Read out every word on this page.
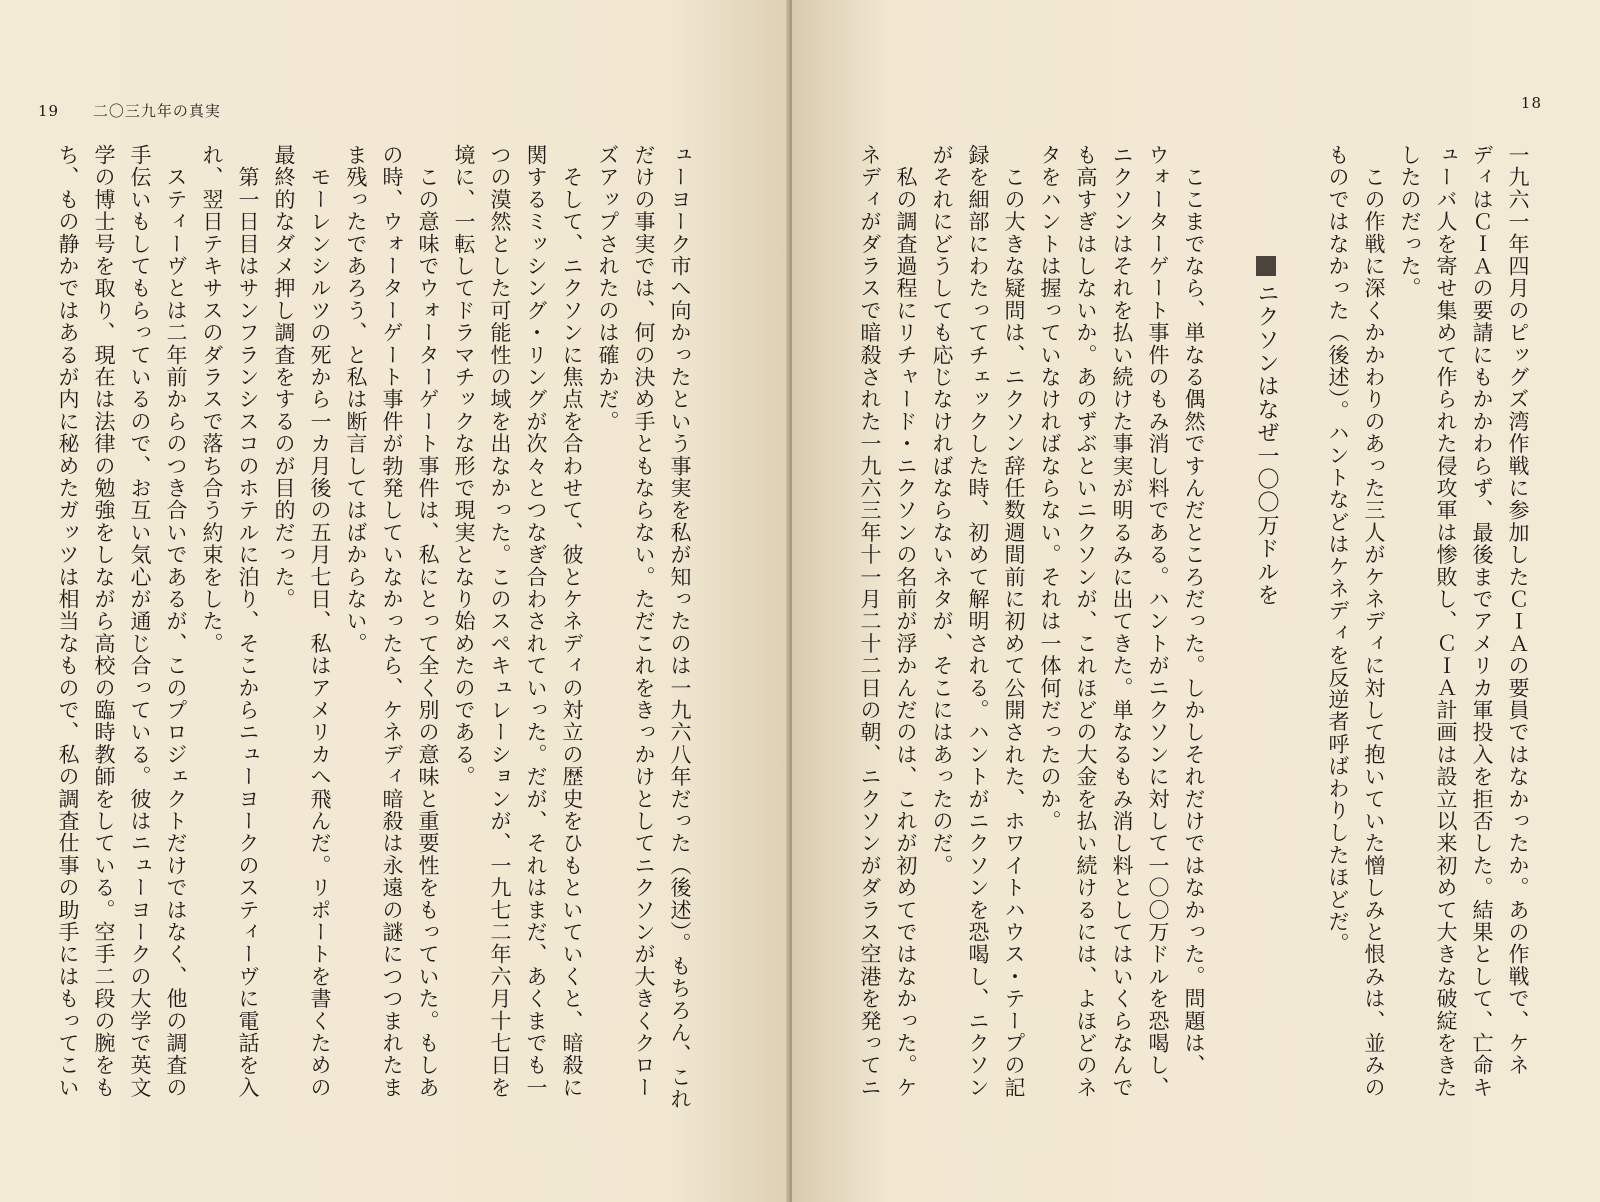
19 二〇三九年の真実
ューヨーク市へ向かったという事実を私が知ったのは一九六八年だった（後述）。もちろん、これ
だけの事実では、何の決め手ともならない。ただこれをきっかけとしてニクソンが大きくクロー
ズアップされたのは確かだ。
　そして、ニクソンに焦点を合わせて、彼とケネディの対立の歴史をひもといていくと、暗殺に
関するミッシング・リングが次々とつなぎ合わされていった。だが、それはまだ、あくまでも一
つの漠然とした可能性の域を出なかった。このスペキュレーションが、一九七二年六月十七日を
境に、一転してドラマチックな形で現実となり始めたのである。
　この意味でウォーターゲート事件は、私にとって全く別の意味と重要性をもっていた。もしあ
の時、ウォーターゲート事件が勃発していなかったら、ケネディ暗殺は永遠の謎につつまれたま
ま残ったであろう、と私は断言してはばからない。
　モーレンシルツの死から一カ月後の五月七日、私はアメリカへ飛んだ。リポートを書くための
最終的なダメ押し調査をするのが目的だった。
　第一日目はサンフランシスコのホテルに泊り、そこからニューヨークのスティーヴに電話を入
れ、翌日テキサスのダラスで落ち合う約束をした。
　スティーヴとは二年前からのつき合いであるが、このプロジェクトだけではなく、他の調査の
手伝いもしてもらっているので、お互い気心が通じ合っている。彼はニューヨークの大学で英文
学の博士号を取り、現在は法律の勉強をしながら高校の臨時教師をしている。空手二段の腕をも
ち、もの静かではあるが内に秘めたガッツは相当なもので、私の調査仕事の助手にはもってこい
18
一九六一年四月のピッグズ湾作戦に参加したＣＩＡの要員ではなかったか。あの作戦で、ケネ
ディはＣＩＡの要請にもかかわらず、最後までアメリカ軍投入を拒否した。結果として、亡命キ
ューバ人を寄せ集めて作られた侵攻軍は惨敗し、ＣＩＡ計画は設立以来初めて大きな破綻をきた
したのだった。
　この作戦に深くかかわりのあった三人がケネディに対して抱いていた憎しみと恨みは、並みの
ものではなかった（後述）。ハントなどはケネディを反逆者呼ばわりしたほどだ。
ニクソンはなぜ一〇〇万ドルを
　ここまでなら、単なる偶然ですんだところだった。しかしそれだけではなかった。問題は、
ウォーターゲート事件のもみ消し料である。ハントがニクソンに対して一〇〇万ドルを恐喝し、
ニクソンはそれを払い続けた事実が明るみに出てきた。単なるもみ消し料としてはいくらなんで
も高すぎはしないか。あのずぶといニクソンが、これほどの大金を払い続けるには、よほどのネ
タをハントは握っていなければならない。それは一体何だったのか。
　この大きな疑問は、ニクソン辞任数週間前に初めて公開された、ホワイトハウス・テープの記
録を細部にわたってチェックした時、初めて解明される。ハントがニクソンを恐喝し、ニクソン
がそれにどうしても応じなければならないネタが、そこにはあったのだ。
　私の調査過程にリチャード・ニクソンの名前が浮かんだのは、これが初めてではなかった。ケ
ネディがダラスで暗殺された一九六三年十一月二十二日の朝、ニクソンがダラス空港を発ってニ
